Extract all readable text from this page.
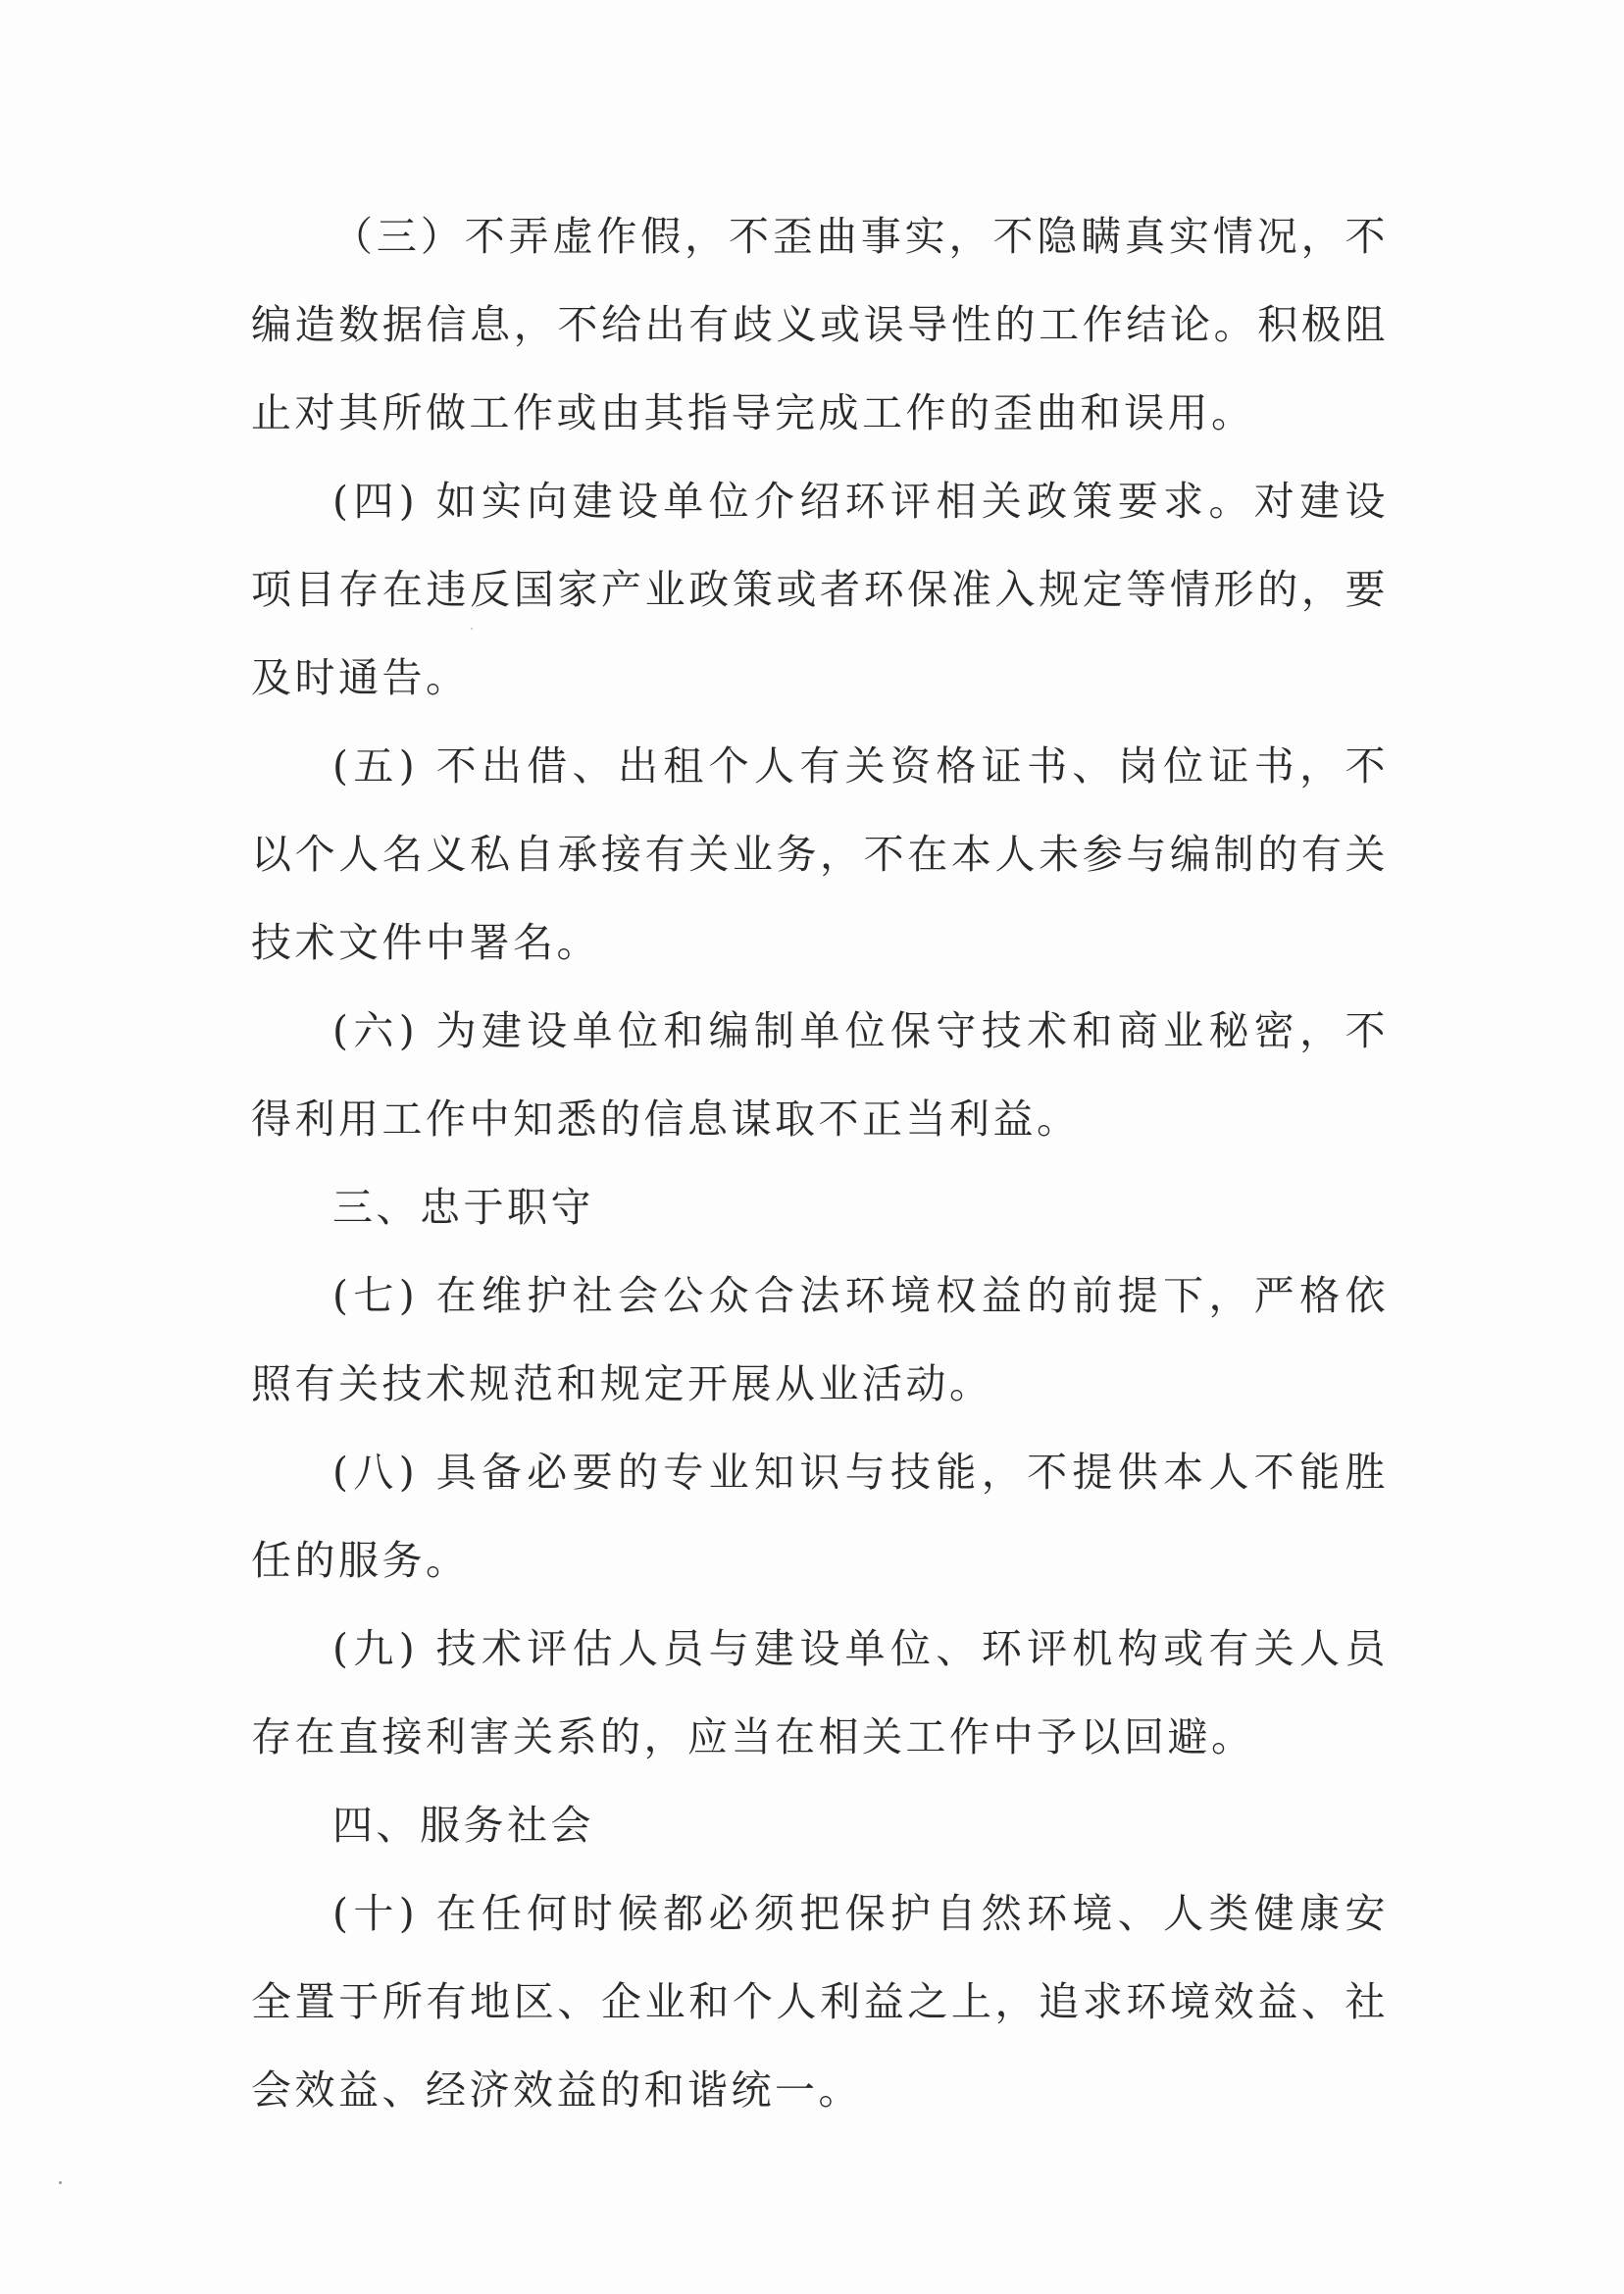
（三）不弄虚作假，不歪曲事实，不隐瞒真实情况，不编造数据信息，不给出有歧义或误导性的工作结论。积极阻止对其所做工作或由其指导完成工作的歪曲和误用。

(四) 如实向建设单位介绍环评相关政策要求。对建设项目存在违反国家产业政策或者环保准入规定等情形的，要及时通告。

(五) 不出借、出租个人有关资格证书、岗位证书，不以个人名义私自承接有关业务，不在本人未参与编制的有关技术文件中署名。

(六) 为建设单位和编制单位保守技术和商业秘密，不得利用工作中知悉的信息谋取不正当利益。

三、忠于职守

(七) 在维护社会公众合法环境权益的前提下，严格依照有关技术规范和规定开展从业活动。

(八) 具备必要的专业知识与技能，不提供本人不能胜任的服务。

(九) 技术评估人员与建设单位、环评机构或有关人员存在直接利害关系的，应当在相关工作中予以回避。

四、服务社会

(十) 在任何时候都必须把保护自然环境、人类健康安全置于所有地区、企业和个人利益之上，追求环境效益、社会效益、经济效益的和谐统一。
